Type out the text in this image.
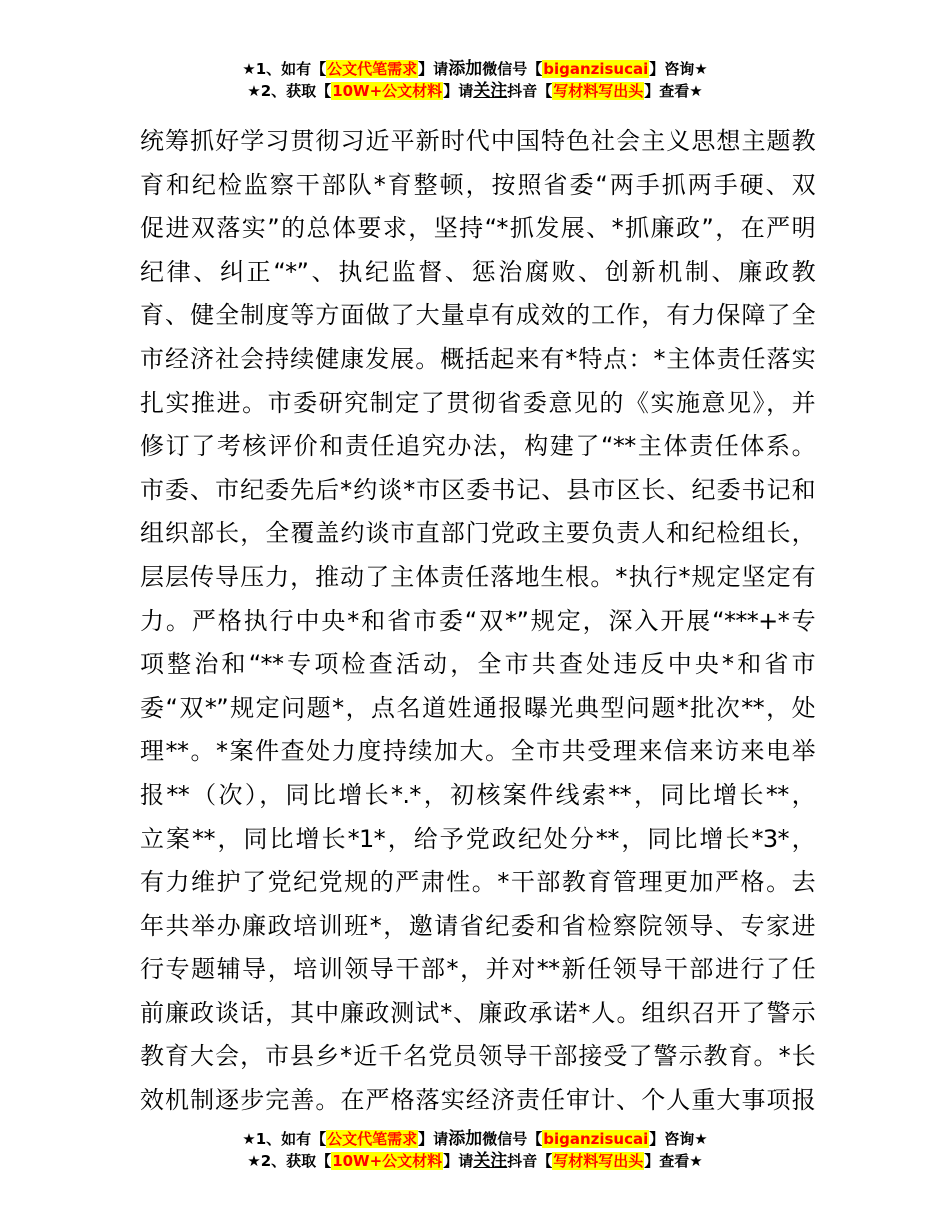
★1、如有【公文代笔需求】请添加微信号【biganzisucai】咨询★
★2、获取【10W+公文材料】请关注抖音【写材料写出头】查看★
统筹抓好学习贯彻习近平新时代中国特色社会主义思想主题教
育和纪检监察干部队*育整顿，按照省委“两手抓两手硬、双
促进双落实”的总体要求，坚持“*抓发展、*抓廉政”，在严明
纪律、纠正“*”、执纪监督、惩治腐败、创新机制、廉政教
育、健全制度等方面做了大量卓有成效的工作，有力保障了全
市经济社会持续健康发展。概括起来有*特点：*主体责任落实
扎实推进。市委研究制定了贯彻省委意见的《实施意见》，并
修订了考核评价和责任追究办法，构建了“**主体责任体系。
市委、市纪委先后*约谈*市区委书记、县市区长、纪委书记和
组织部长，全覆盖约谈市直部门党政主要负责人和纪检组长，
层层传导压力，推动了主体责任落地生根。*执行*规定坚定有
力。严格执行中央*和省市委“双*”规定，深入开展“***+*专
项整治和“**专项检查活动，全市共查处违反中央*和省市
委“双*”规定问题*，点名道姓通报曝光典型问题*批次**，处
理**。*案件查处力度持续加大。全市共受理来信来访来电举
报**（次），同比增长*.*，初核案件线索**，同比增长**，
立案**，同比增长*1*，给予党政纪处分**，同比增长*3*，
有力维护了党纪党规的严肃性。*干部教育管理更加严格。去
年共举办廉政培训班*，邀请省纪委和省检察院领导、专家进
行专题辅导，培训领导干部*，并对**新任领导干部进行了任
前廉政谈话，其中廉政测试*、廉政承诺*人。组织召开了警示
教育大会，市县乡*近千名党员领导干部接受了警示教育。*长
效机制逐步完善。在严格落实经济责任审计、个人重大事项报
★1、如有【公文代笔需求】请添加微信号【biganzisucai】咨询★
★2、获取【10W+公文材料】请关注抖音【写材料写出头】查看★
